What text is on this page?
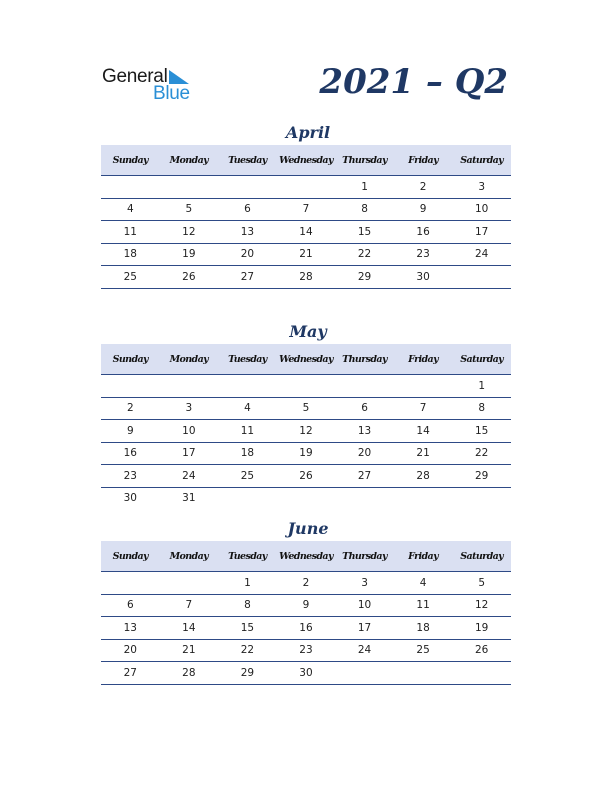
General
Blue	2021 – Q2
April
Sunday	Monday	Tuesday	Wednesday	Thursday	Friday	Saturday
				1	2	3
4	5	6	7	8	9	10
11	12	13	14	15	16	17
18	19	20	21	22	23	24
25	26	27	28	29	30	
May
Sunday	Monday	Tuesday	Wednesday	Thursday	Friday	Saturday
						1
2	3	4	5	6	7	8
9	10	11	12	13	14	15
16	17	18	19	20	21	22
23	24	25	26	27	28	29
30	31					
June
Sunday	Monday	Tuesday	Wednesday	Thursday	Friday	Saturday
		1	2	3	4	5
6	7	8	9	10	11	12
13	14	15	16	17	18	19
20	21	22	23	24	25	26
27	28	29	30			
